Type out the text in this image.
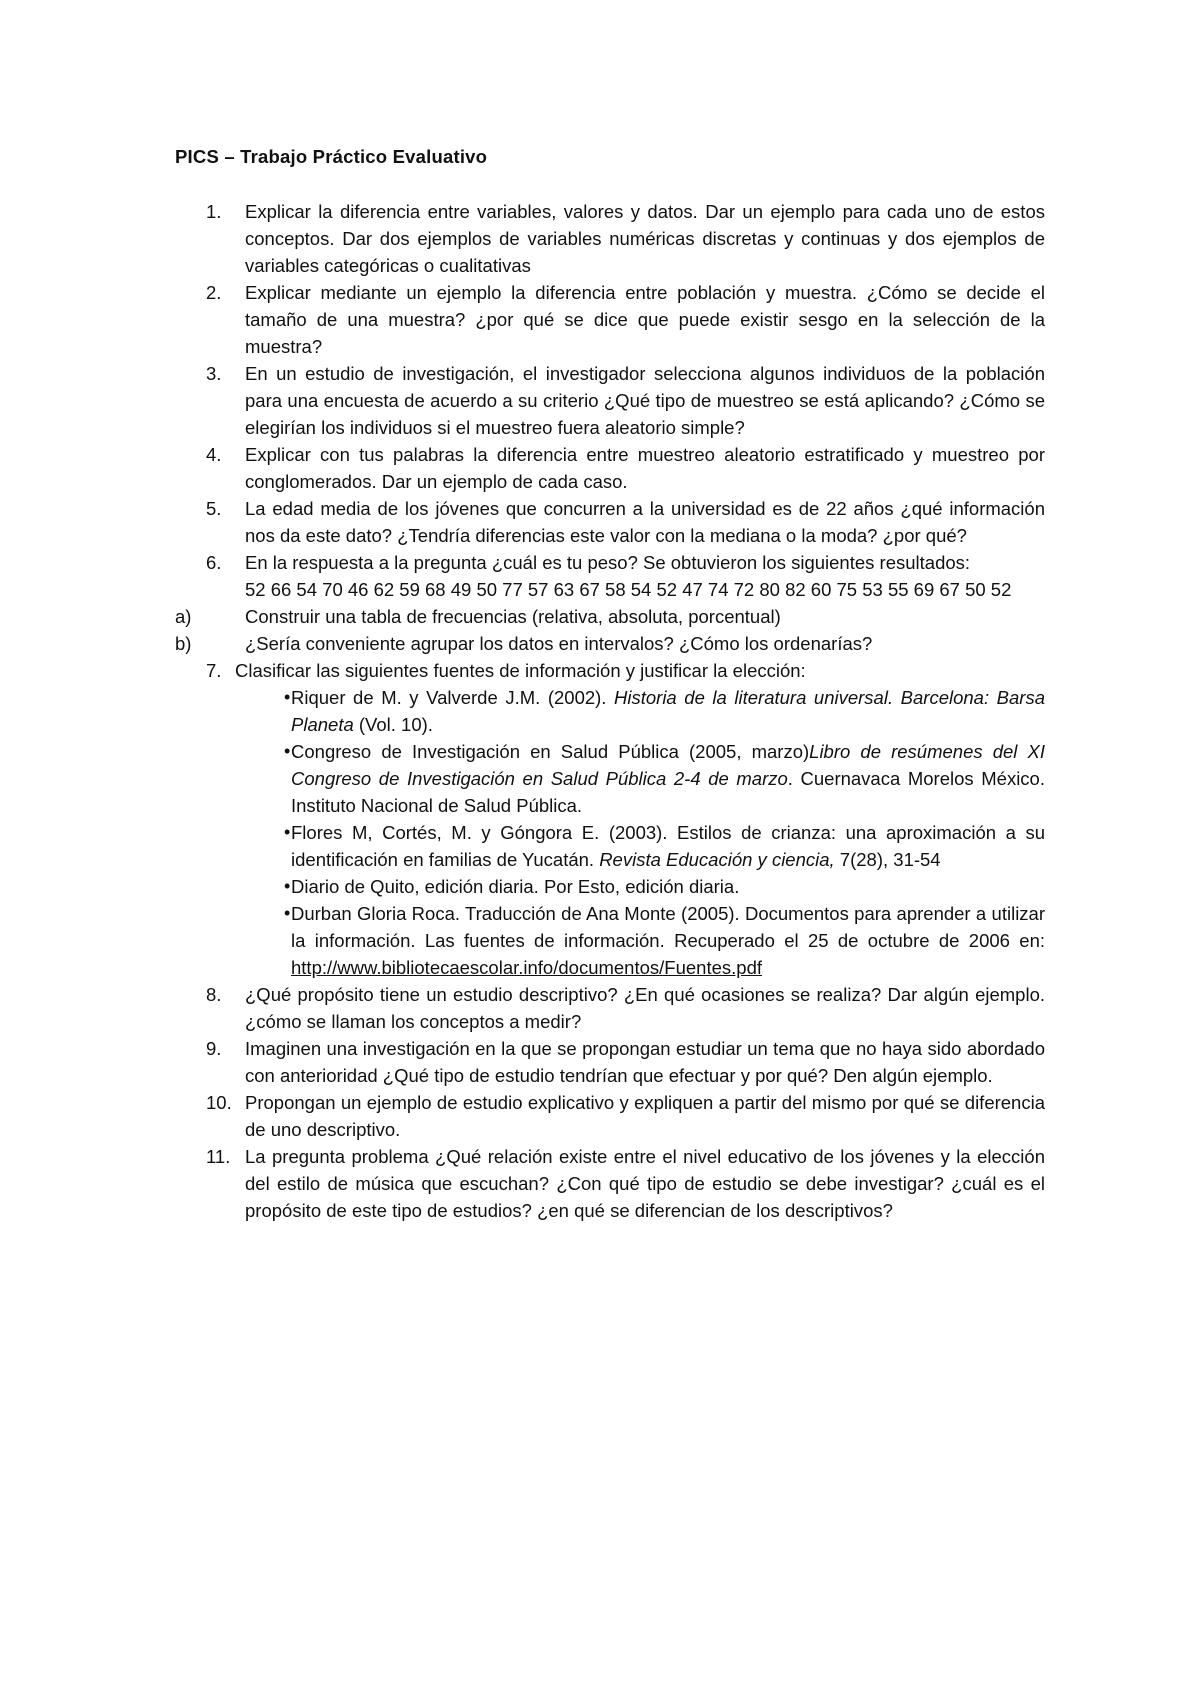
PICS – Trabajo Práctico Evaluativo

1.	Explicar la diferencia entre variables, valores y datos. Dar un ejemplo para cada uno de estos conceptos. Dar dos ejemplos de variables numéricas discretas y continuas y dos ejemplos de variables categóricas o cualitativas
2.	Explicar mediante un ejemplo la diferencia entre población y muestra. ¿Cómo se decide el tamaño de una muestra? ¿por qué se dice que puede existir sesgo en la selección de la muestra?
3.	En un estudio de investigación, el investigador selecciona algunos individuos de la población para una encuesta de acuerdo a su criterio ¿Qué tipo de muestreo se está aplicando? ¿Cómo se elegirían los individuos si el muestreo fuera aleatorio simple?
4.	Explicar con tus palabras la diferencia entre muestreo aleatorio estratificado y muestreo por conglomerados. Dar un ejemplo de cada caso.
5.	La edad media de los jóvenes que concurren a la universidad es de 22 años ¿qué información nos da este dato? ¿Tendría diferencias este valor con la mediana o la moda? ¿por qué?
6.	En la respuesta a la pregunta ¿cuál es tu peso? Se obtuvieron los siguientes resultados:
52 66 54 70 46 62 59 68 49 50 77 57 63 67 58 54 52 47 74 72 80 82 60 75 53 55 69 67 50 52
a)	Construir una tabla de frecuencias (relativa, absoluta, porcentual)
b)	¿Sería conveniente agrupar los datos en intervalos? ¿Cómo los ordenarías?
7. Clasificar las siguientes fuentes de información y justificar la elección:
• Riquer de M. y Valverde J.M. (2002). Historia de la literatura universal. Barcelona: Barsa Planeta (Vol. 10).
• Congreso de Investigación en Salud Pública (2005, marzo)Libro de resúmenes del XI Congreso de Investigación en Salud Pública 2-4 de marzo. Cuernavaca Morelos México. Instituto Nacional de Salud Pública.
• Flores M, Cortés, M. y Góngora E. (2003). Estilos de crianza: una aproximación a su identificación en familias de Yucatán. Revista Educación y ciencia, 7(28), 31-54
• Diario de Quito, edición diaria. Por Esto, edición diaria.
• Durban Gloria Roca. Traducción de Ana Monte (2005). Documentos para aprender a utilizar la información. Las fuentes de información. Recuperado el 25 de octubre de 2006 en: http://www.bibliotecaescolar.info/documentos/Fuentes.pdf
8.	¿Qué propósito tiene un estudio descriptivo? ¿En qué ocasiones se realiza? Dar algún ejemplo. ¿cómo se llaman los conceptos a medir?
9.	Imaginen una investigación en la que se propongan estudiar un tema que no haya sido abordado con anterioridad ¿Qué tipo de estudio tendrían que efectuar y por qué? Den algún ejemplo.
10. Propongan un ejemplo de estudio explicativo y expliquen a partir del mismo por qué se diferencia de uno descriptivo.
11. La pregunta problema ¿Qué relación existe entre el nivel educativo de los jóvenes y la elección del estilo de música que escuchan? ¿Con qué tipo de estudio se debe investigar? ¿cuál es el propósito de este tipo de estudios? ¿en qué se diferencian de los descriptivos?
